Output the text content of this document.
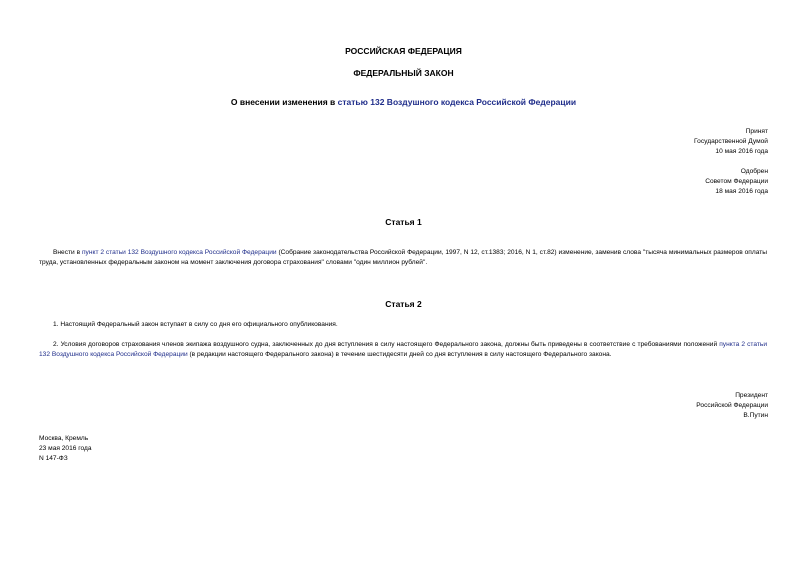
РОССИЙСКАЯ ФЕДЕРАЦИЯ
ФЕДЕРАЛЬНЫЙ ЗАКОН
О внесении изменения в статью 132 Воздушного кодекса Российской Федерации
Принят
Государственной Думой
10 мая 2016 года
Одобрен
Советом Федерации
18 мая 2016 года
Статья 1
Внести в пункт 2 статьи 132 Воздушного кодекса Российской Федерации (Собрание законодательства Российской Федерации, 1997, N 12, ст.1383; 2016, N 1, ст.82) изменение, заменив слова "тысяча минимальных размеров оплаты труда, установленных федеральным законом на момент заключения договора страхования" словами "один миллион рублей".
Статья 2
1. Настоящий Федеральный закон вступает в силу со дня его официального опубликования.
2. Условия договоров страхования членов экипажа воздушного судна, заключенных до дня вступления в силу настоящего Федерального закона, должны быть приведены в соответствие с требованиями положений пункта 2 статьи 132 Воздушного кодекса Российской Федерации (в редакции настоящего Федерального закона) в течение шестидесяти дней со дня вступления в силу настоящего Федерального закона.
Президент
Российской Федерации
В.Путин
Москва, Кремль
23 мая 2016 года
N 147-ФЗ
